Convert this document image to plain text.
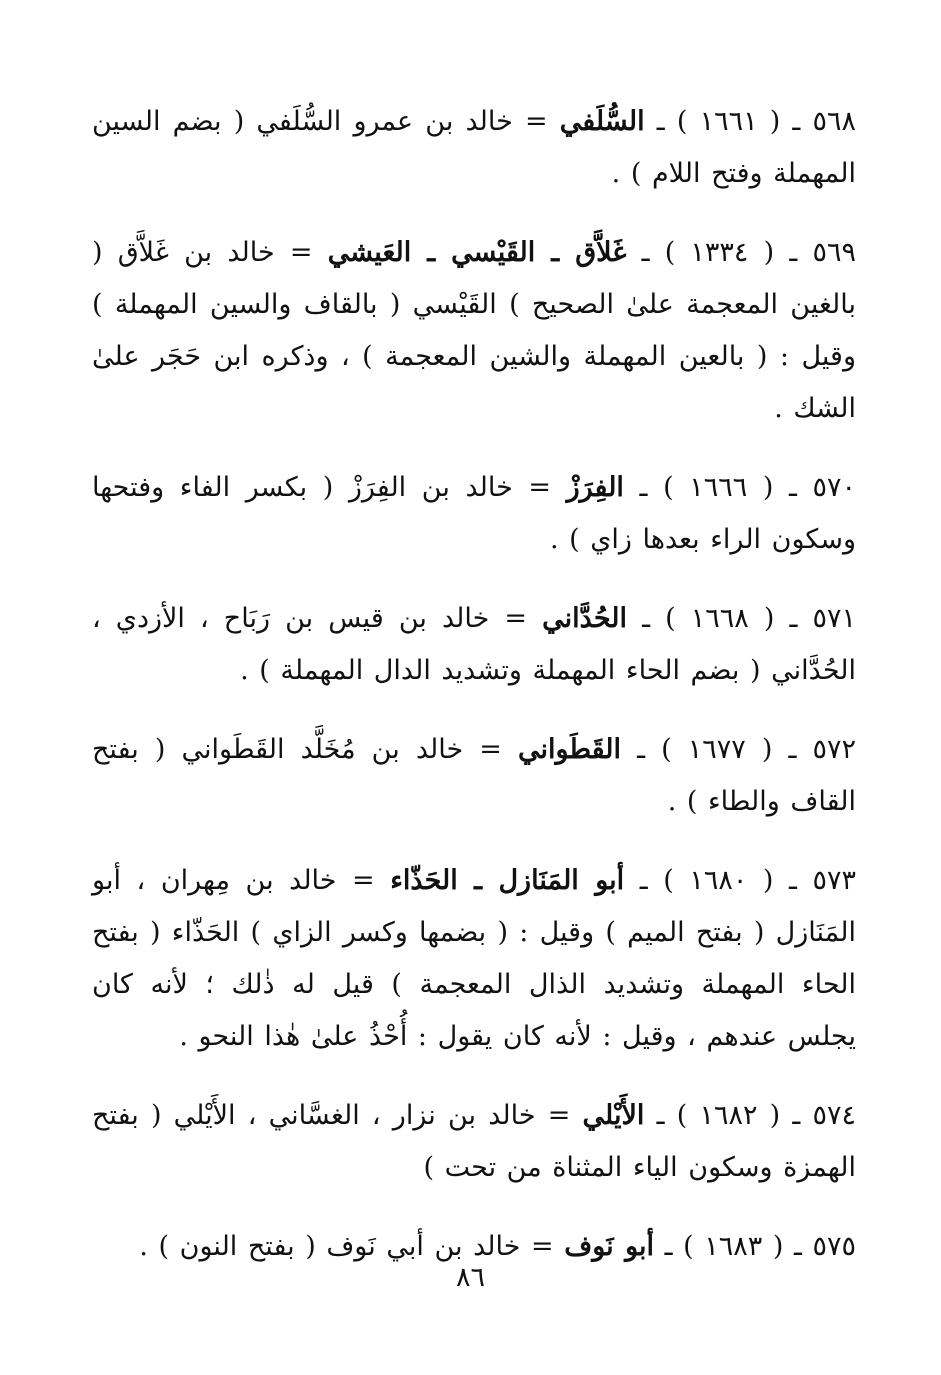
٥٦٨ ـ ( ١٦٦١ ) ـ السُّلَفي = خالد بن عمرو السُّلَفي ( بضم السين المهملة وفتح اللام ) .

٥٦٩ ـ ( ١٣٣٤ ) ـ غَلاَّق ـ القَيْسي ـ العَيشي = خالد بن غَلاَّق ( بالغين المعجمة علىٰ الصحيح ) القَيْسي ( بالقاف والسين المهملة ) وقيل : ( بالعين المهملة والشين المعجمة ) ، وذكره ابن حَجَر علىٰ الشك .

٥٧٠ ـ ( ١٦٦٦ ) ـ الفِرَزْ = خالد بن الفِرَزْ ( بكسر الفاء وفتحها وسكون الراء بعدها زاي ) .

٥٧١ ـ ( ١٦٦٨ ) ـ الحُدَّاني = خالد بن قيس بن رَبَاح ، الأزدي ، الحُدَّاني ( بضم الحاء المهملة وتشديد الدال المهملة ) .

٥٧٢ ـ ( ١٦٧٧ ) ـ القَطَواني = خالد بن مُخَلَّد القَطَواني ( بفتح القاف والطاء ) .

٥٧٣ ـ ( ١٦٨٠ ) ـ أبو المَنَازل ـ الحَذّاء = خالد بن مِهران ، أبو المَنَازل ( بفتح الميم ) وقيل : ( بضمها وكسر الزاي ) الحَذّاء ( بفتح الحاء المهملة وتشديد الذال المعجمة ) قيل له ذٰلك ؛ لأنه كان يجلس عندهم ، وقيل : لأنه كان يقول : أُحْذُ علىٰ هٰذا النحو .

٥٧٤ ـ ( ١٦٨٢ ) ـ الأَيْلي = خالد بن نزار ، الغسَّاني ، الأَيْلي ( بفتح الهمزة وسكون الياء المثناة من تحت )

٥٧٥ ـ ( ١٦٨٣ ) ـ أبو نَوف = خالد بن أبي نَوف ( بفتح النون ) .

٨٦
